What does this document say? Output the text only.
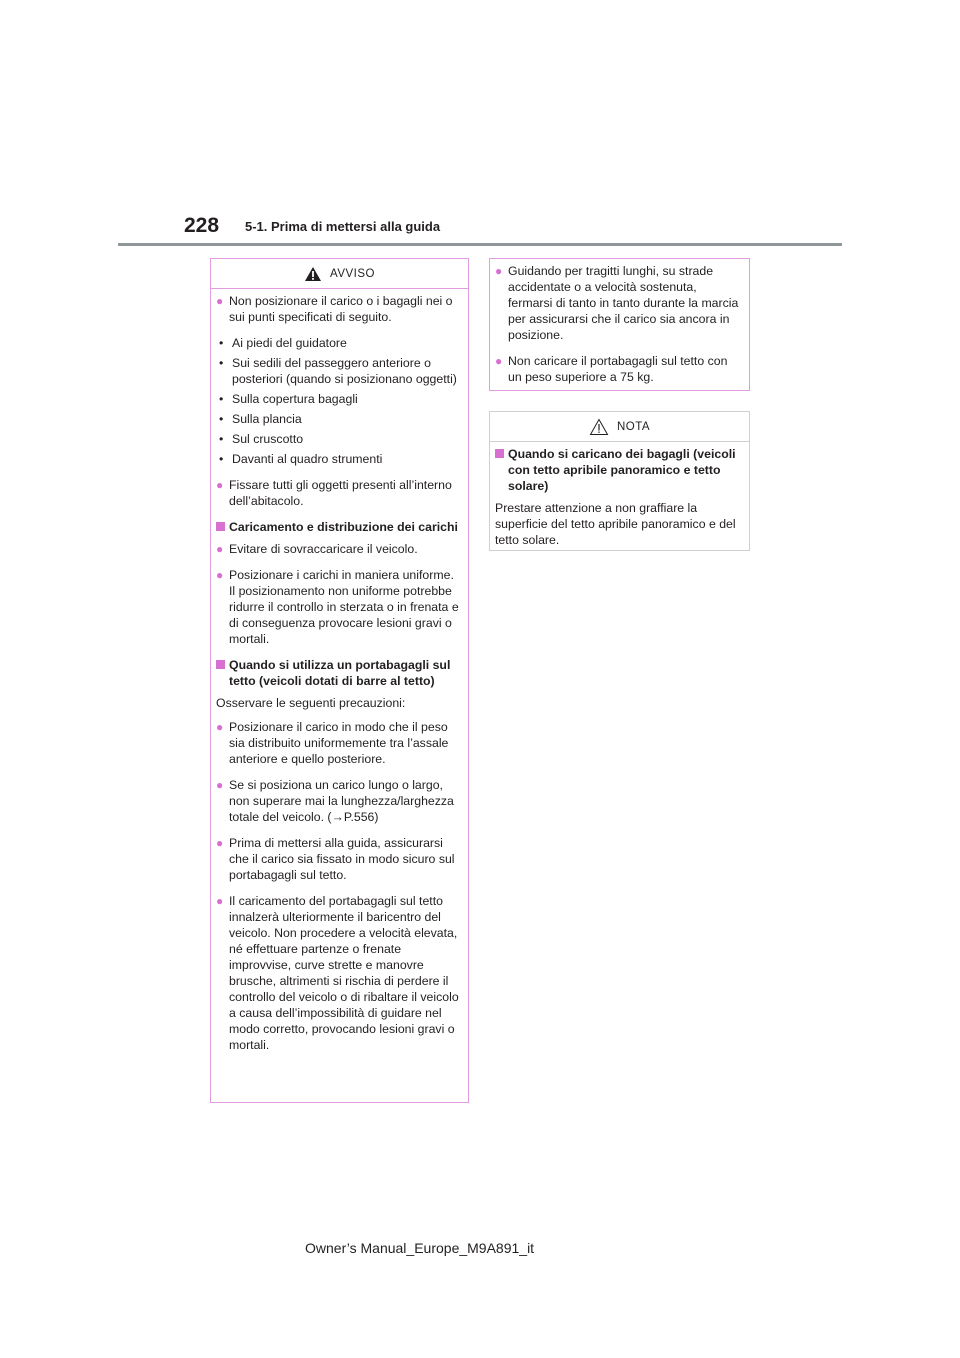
228 5-1. Prima di mettersi alla guida
AVVISO
● Non posizionare il carico o i bagagli nei o sui punti specificati di seguito.
• Ai piedi del guidatore
• Sui sedili del passeggero anteriore o posteriori (quando si posizionano oggetti)
• Sulla copertura bagagli
• Sulla plancia
• Sul cruscotto
• Davanti al quadro strumenti
● Fissare tutti gli oggetti presenti all’interno dell’abitacolo.
Caricamento e distribuzione dei carichi
● Evitare di sovraccaricare il veicolo.
● Posizionare i carichi in maniera uniforme.
Il posizionamento non uniforme potrebbe ridurre il controllo in sterzata o in frenata e di conseguenza provocare lesioni gravi o mortali.
Quando si utilizza un portabagagli sul tetto (veicoli dotati di barre al tetto)
Osservare le seguenti precauzioni:
● Posizionare il carico in modo che il peso sia distribuito uniformemente tra l’assale anteriore e quello posteriore.
● Se si posiziona un carico lungo o largo, non superare mai la lunghezza/larghezza totale del veicolo. (→P.556)
● Prima di mettersi alla guida, assicurarsi che il carico sia fissato in modo sicuro sul portabagagli sul tetto.
● Il caricamento del portabagagli sul tetto innalzerà ulteriormente il baricentro del veicolo. Non procedere a velocità elevata, né effettuare partenze o frenate improvvise, curve strette e manovre brusche, altrimenti si rischia di perdere il controllo del veicolo o di ribaltare il veicolo a causa dell’impossibilità di guidare nel modo corretto, provocando lesioni gravi o mortali.
● Guidando per tragitti lunghi, su strade accidentate o a velocità sostenuta, fermarsi di tanto in tanto durante la marcia per assicurarsi che il carico sia ancora in posizione.
● Non caricare il portabagagli sul tetto con un peso superiore a 75 kg.
NOTA
Quando si caricano dei bagagli (veicoli con tetto apribile panoramico e tetto solare)
Prestare attenzione a non graffiare la superficie del tetto apribile panoramico e del tetto solare.
Owner’s Manual_Europe_M9A891_it
